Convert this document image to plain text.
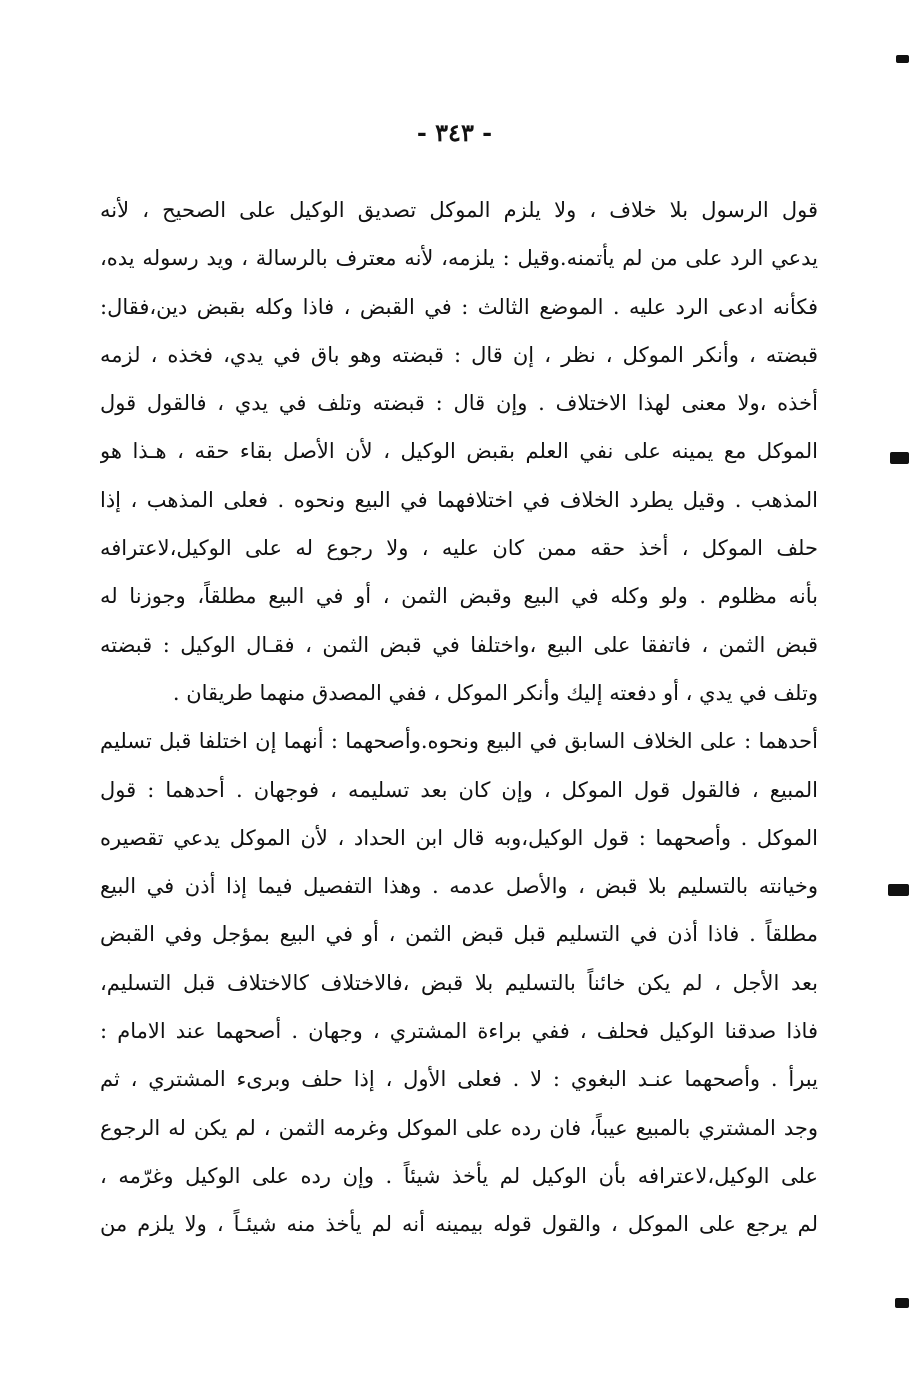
- ٣٤٣ -
قول الرسول بلا خلاف ، ولا يلزم الموكل تصديق الوكيل على الصحيح ، لأنه
يدعي الرد على من لم يأتمنه.وقيل : يلزمه، لأنه معترف بالرسالة ، ويد رسوله يده،
فكأنه ادعى الرد عليه . الموضع الثالث : في القبض ، فاذا وكله بقبض دين،فقال:
قبضته ، وأنكر الموكل ، نظر ، إن قال : قبضته وهو باق في يدي، فخذه ، لزمه
أخذه ،ولا معنى لهذا الاختلاف . وإن قال : قبضته وتلف في يدي ، فالقول قول
الموكل مع يمينه على نفي العلم بقبض الوكيل ، لأن الأصل بقاء حقه ، هـذا هو
المذهب . وقيل يطرد الخلاف في اختلافهما في البيع ونحوه . فعلى المذهب ، إذا
حلف الموكل ، أخذ حقه ممن كان عليه ، ولا رجوع له على الوكيل،لاعترافه
بأنه مظلوم . ولو وكله في البيع وقبض الثمن ، أو في البيع مطلقاً، وجوزنا له
قبض الثمن ، فاتفقا على البيع ،واختلفا في قبض الثمن ، فقـال الوكيل : قبضته
وتلف في يدي ، أو دفعته إليك وأنكر الموكل ، ففي المصدق منهما طريقان .
أحدهما : على الخلاف السابق في البيع ونحوه.وأصحهما : أنهما إن اختلفا قبل تسليم
المبيع ، فالقول قول الموكل ، وإن كان بعد تسليمه ، فوجهان . أحدهما : قول
الموكل . وأصحهما : قول الوكيل،وبه قال ابن الحداد ، لأن الموكل يدعي تقصيره
وخيانته بالتسليم بلا قبض ، والأصل عدمه . وهذا التفصيل فيما إذا أذن في البيع
مطلقاً . فاذا أذن في التسليم قبل قبض الثمن ، أو في البيع بمؤجل وفي القبض
بعد الأجل ، لم يكن خائناً بالتسليم بلا قبض ،فالاختلاف كالاختلاف قبل التسليم،
فاذا صدقنا الوكيل فحلف ، ففي براءة المشتري ، وجهان . أصحهما عند الامام :
يبرأ . وأصحهما عنـد البغوي : لا . فعلى الأول ، إذا حلف وبرىء المشتري ، ثم
وجد المشتري بالمبيع عيباً، فان رده على الموكل وغرمه الثمن ، لم يكن له الرجوع
على الوكيل،لاعترافه بأن الوكيل لم يأخذ شيئاً . وإن رده على الوكيل وغرّمه ،
لم يرجع على الموكل ، والقول قوله بيمينه أنه لم يأخذ منه شيئـاً ، ولا يلزم من
